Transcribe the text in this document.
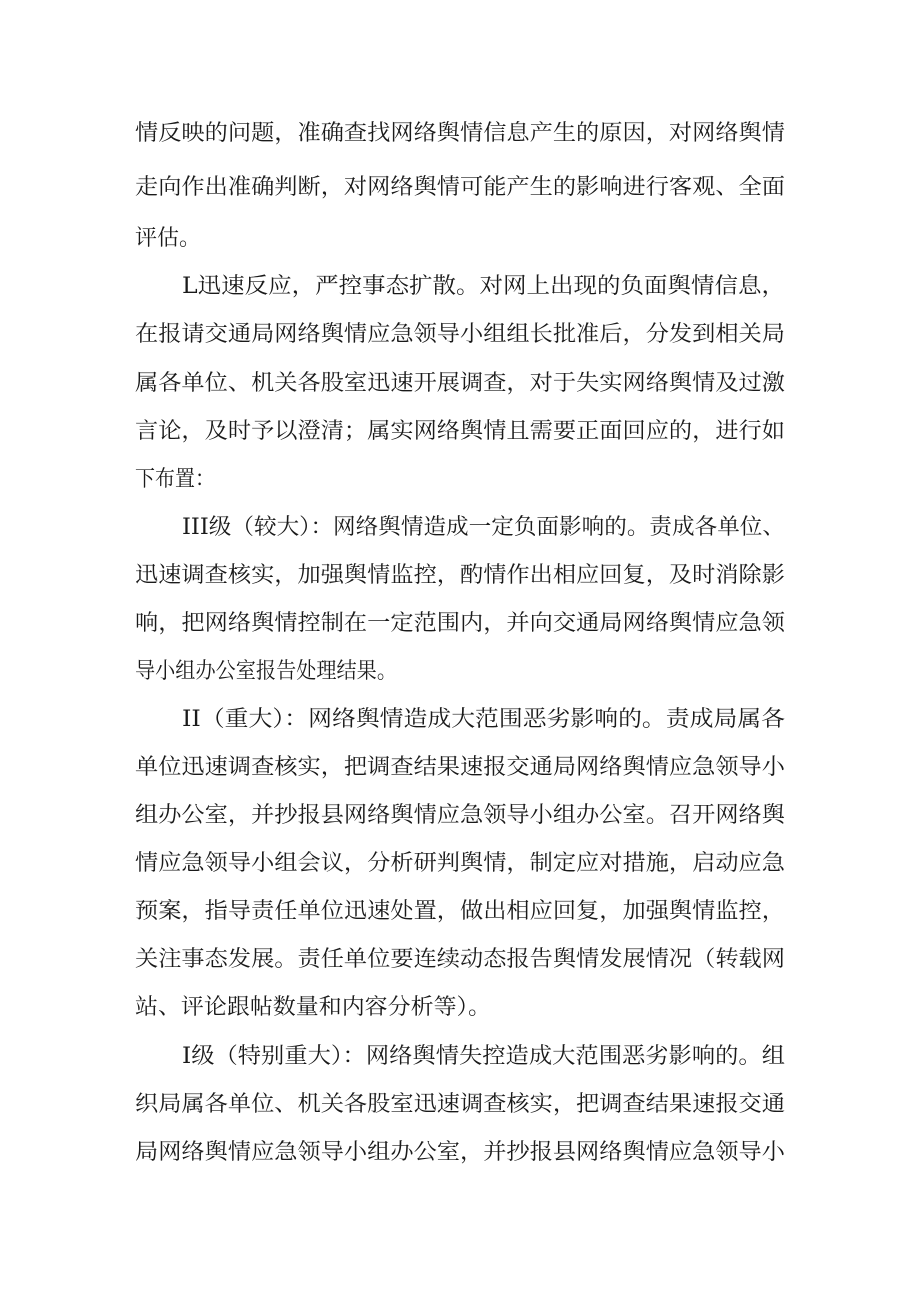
情反映的问题，准确查找网络舆情信息产生的原因，对网络舆情
走向作出准确判断，对网络舆情可能产生的影响进行客观、全面
评估。
L迅速反应，严控事态扩散。对网上出现的负面舆情信息，
在报请交通局网络舆情应急领导小组组长批准后，分发到相关局
属各单位、机关各股室迅速开展调查，对于失实网络舆情及过激
言论，及时予以澄清；属实网络舆情且需要正面回应的，进行如
下布置：
III级（较大）：网络舆情造成一定负面影响的。责成各单位、
迅速调查核实，加强舆情监控，酌情作出相应回复，及时消除影
响，把网络舆情控制在一定范围内，并向交通局网络舆情应急领
导小组办公室报告处理结果。
II（重大）：网络舆情造成大范围恶劣影响的。责成局属各
单位迅速调查核实，把调查结果速报交通局网络舆情应急领导小
组办公室，并抄报县网络舆情应急领导小组办公室。召开网络舆
情应急领导小组会议，分析研判舆情，制定应对措施，启动应急
预案，指导责任单位迅速处置，做出相应回复，加强舆情监控，
关注事态发展。责任单位要连续动态报告舆情发展情况（转载网
站、评论跟帖数量和内容分析等）。
I级（特别重大）：网络舆情失控造成大范围恶劣影响的。组
织局属各单位、机关各股室迅速调查核实，把调查结果速报交通
局网络舆情应急领导小组办公室，并抄报县网络舆情应急领导小
